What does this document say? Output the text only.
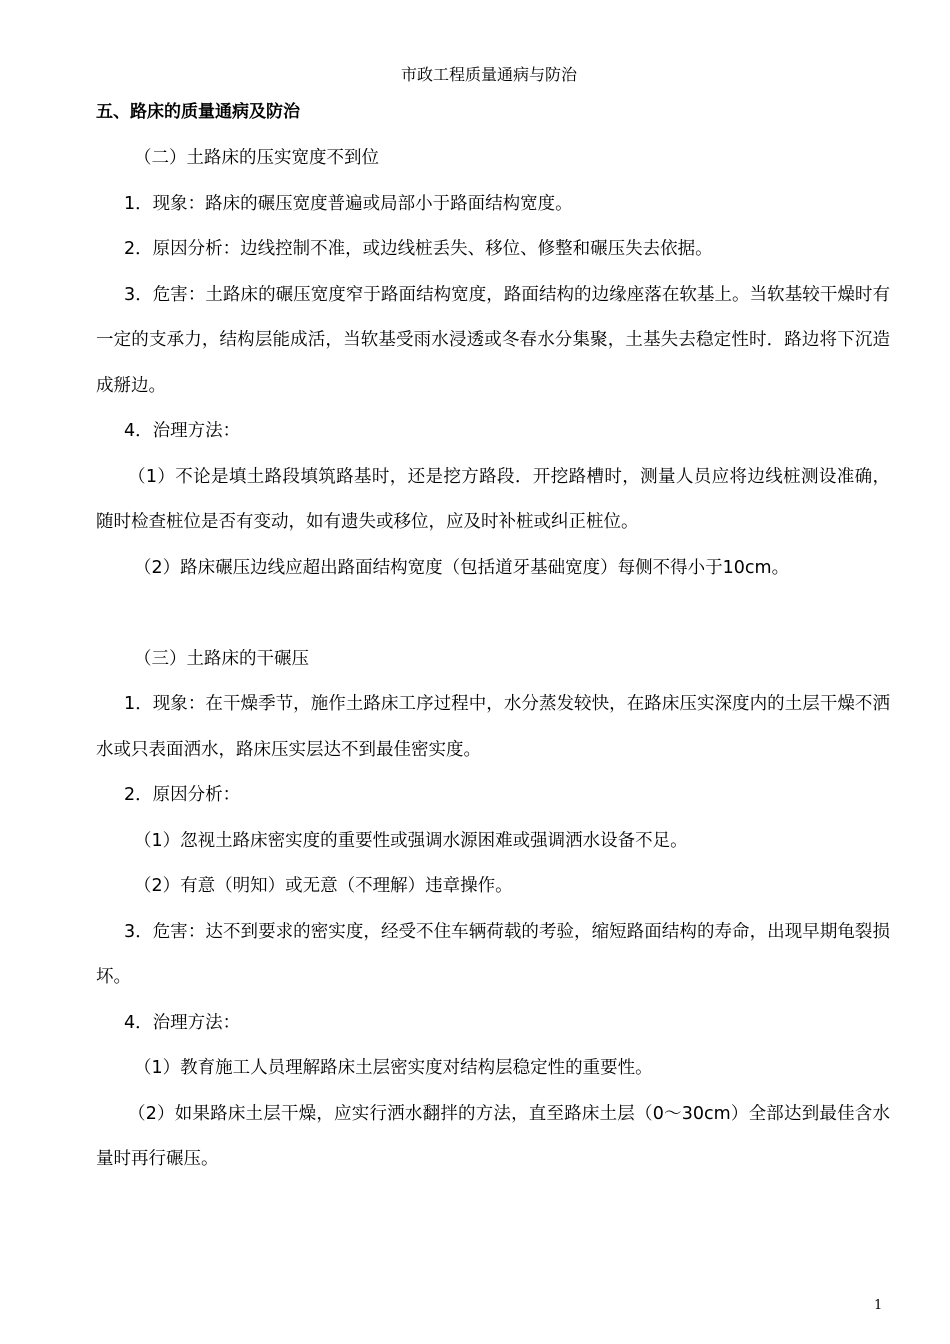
市政工程质量通病与防治
五、路床的质量通病及防治

（二）土路床的压实宽度不到位

1．现象：路床的碾压宽度普遍或局部小于路面结构宽度。

2．原因分析：边线控制不准，或边线桩丢失、移位、修整和碾压失去依据。

3．危害：土路床的碾压宽度窄于路面结构宽度，路面结构的边缘座落在软基上。当软基较干燥时有一定的支承力，结构层能成活，当软基受雨水浸透或冬春水分集聚，土基失去稳定性时．路边将下沉造成掰边。

4．治理方法：

（1）不论是填土路段填筑路基时，还是挖方路段．开挖路槽时，测量人员应将边线桩测设准确，随时检查桩位是否有变动，如有遗失或移位，应及时补桩或纠正桩位。

（2）路床碾压边线应超出路面结构宽度（包括道牙基础宽度）每侧不得小于10cm。

（三）土路床的干碾压

1．现象：在干燥季节，施作土路床工序过程中，水分蒸发较快，在路床压实深度内的土层干燥不洒水或只表面洒水，路床压实层达不到最佳密实度。

2．原因分析：

（1）忽视土路床密实度的重要性或强调水源困难或强调洒水设备不足。

（2）有意（明知）或无意（不理解）违章操作。

3．危害：达不到要求的密实度，经受不住车辆荷载的考验，缩短路面结构的寿命，出现早期龟裂损坏。

4．治理方法：

（1）教育施工人员理解路床土层密实度对结构层稳定性的重要性。

（2）如果路床土层干燥，应实行洒水翻拌的方法，直至路床土层（0～30cm）全部达到最佳含水量时再行碾压。

1
